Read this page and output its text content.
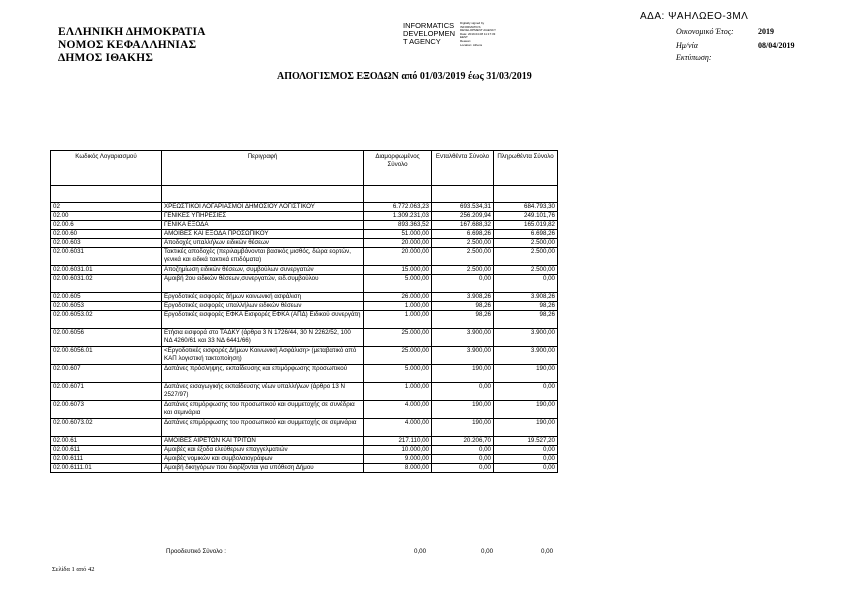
ΕΛΛΗΝΙΚΗ ΔΗΜΟΚΡΑΤΙΑ
ΝΟΜΟΣ ΚΕΦΑΛΛΗΝΙΑΣ
ΔΗΜΟΣ ΙΘΑΚΗΣ
INFORMATICS
DEVELOPMEN
T AGENCY
Digitally signed by
INFORMATICS
DEVELOPMENT AGENCY
Date: 2019.04.08 11:17:33
EEST
Reason:
Location: Athens
ΑΔΑ: ΨΑΗΛΩΕΟ-3ΜΛ
Οικονομικό Έτος:	2019
Ημ/νία	08/04/2019
Εκτύπωση:
ΑΠΟΛΟΓΙΣΜΟΣ ΕΞΟΔΩΝ από 01/03/2019 έως 31/03/2019
Κωδικός Λογαριασμού	Περιγραφή	Διαμορφωμένος Σύνολο	Ενταλθέντα Σύνολο	Πληρωθέντα Σύνολο

02	ΧΡΕΩΣΤΙΚΟΙ ΛΟΓΑΡΙΑΣΜΟΙ ΔΗΜΟΣΙΟΥ ΛΟΓΙΣΤΙΚΟΥ	6.772.063,23	693.534,31	684.793,30
02.00	ΓΕΝΙΚΕΣ ΥΠΗΡΕΣΙΕΣ	1.309.231,03	256.209,94	249.101,76
02.00.6	ΓΕΝΙΚΑ ΕΞΟΔΑ	893.363,52	167.688,32	165.019,82
02.00.60	ΑΜΟΙΒΕΣ ΚΑΙ ΕΞΟΔΑ ΠΡΟΣΩΠΙΚΟΥ	51.000,00	6.698,26	6.698,26
02.00.603	Αποδοχές υπαλλήλων ειδικών θέσεων	20.000,00	2.500,00	2.500,00
02.00.6031	Τακτικές αποδοχές (περιλαμβάνονται βασικός μισθός, δώρα εορτών, γενικά και ειδικά τακτικά επιδόματα)	20.000,00	2.500,00	2.500,00
02.00.6031.01	Αποζημίωση ειδικών θέσεων, συμβούλων συνεργατών	15.000,00	2.500,00	2.500,00
02.00.6031.02	Αμοιβή 2ου ειδικών θέσεων,συνεργατών, ειδ.συμβούλου	5.000,00	0,00	0,00
02.00.605	Εργοδοτικές εισφορές δήμων κοινωνική ασφάλιση	26.000,00	3.908,26	3.908,26
02.00.6053	Εργοδοτικές εισφορές υπαλλήλων ειδικών θέσεων	1.000,00	98,26	98,26
02.00.6053.02	Εργοδοτικές εισφορές ΕΦΚΑ Εισφορές ΕΦΚΑ (ΑΠΔ) Ειδικού συνεργάτη	1.000,00	98,26	98,26
02.00.6056	Ετήσια εισφορά στο ΤΑΔΚΥ (άρθρα 3 Ν 1726/44, 30 Ν 2262/52, 100 ΝΔ 4260/61 και 33 ΝΔ 6441/66)	25.000,00	3.900,00	3.900,00
02.00.6056.01	<Εργοδοτικές εισφορές Δήμων Κοινωνική Ασφάλιση> (μεταβατικό από ΚΑΠ λογιστική τακτοποίηση)	25.000,00	3.900,00	3.900,00
02.00.607	Δαπάνες πρόσληψης, εκπαίδευσης και επιμόρφωσης προσωπικού	5.000,00	190,00	190,00
02.00.6071	Δαπάνες εισαγωγικής εκπαίδευσης νέων υπαλλήλων (άρθρο 13 Ν 2527/97)	1.000,00	0,00	0,00
02.00.6073	Δαπάνες επιμόρφωσης του προσωπικού και συμμετοχής σε συνέδρια και σεμινάρια	4.000,00	190,00	190,00
02.00.6073.02	Δαπάνες επιμόρφωσης του προσωπικού και συμμετοχής σε σεμινάρια	4.000,00	190,00	190,00
02.00.61	ΑΜΟΙΒΕΣ ΑΙΡΕΤΩΝ ΚΑΙ ΤΡΙΤΩΝ	217.110,00	20.206,70	19.527,20
02.00.611	Αμοιβές και έξοδα ελεύθερων επαγγελματιών	10.000,00	0,00	0,00
02.00.6111	Αμοιβές νομικών και συμβολαιογράφων	9.000,00	0,00	0,00
02.00.6111.01	Αμοιβή δικηγόρων που διορίζονται για υπόθεση Δήμου	8.000,00	0,00	0,00
Προοδευτικό Σύνολο :	0,00	0,00	0,00
Σελίδα 1 από 42
